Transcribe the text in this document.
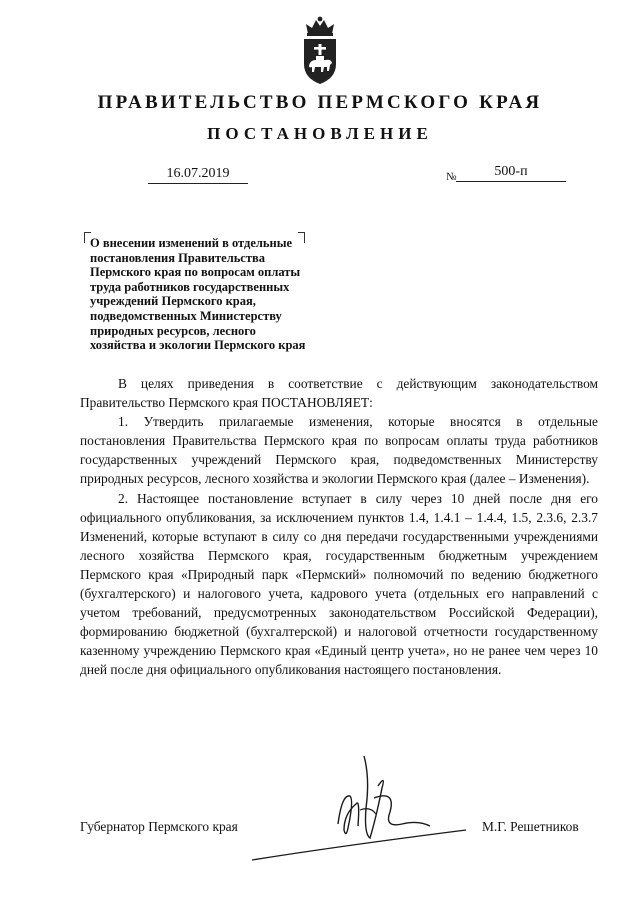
ПРАВИТЕЛЬСТВО ПЕРМСКОГО КРАЯ
ПОСТАНОВЛЕНИЕ
16.07.2019	№	500-п
О внесении изменений в отдельные
постановления Правительства
Пермского края по вопросам оплаты
труда работников государственных
учреждений Пермского края,
подведомственных Министерству
природных ресурсов, лесного
хозяйства и экологии Пермского края

В целях приведения в соответствие с действующим законодательством Правительство Пермского края ПОСТАНОВЛЯЕТ:

1. Утвердить прилагаемые изменения, которые вносятся в отдельные постановления Правительства Пермского края по вопросам оплаты труда работников государственных учреждений Пермского края, подведомственных Министерству природных ресурсов, лесного хозяйства и экологии Пермского края (далее – Изменения).

2. Настоящее постановление вступает в силу через 10 дней после дня его официального опубликования, за исключением пунктов 1.4, 1.4.1 – 1.4.4, 1.5, 2.3.6, 2.3.7 Изменений, которые вступают в силу со дня передачи государственными учреждениями лесного хозяйства Пермского края, государственным бюджетным учреждением Пермского края «Природный парк «Пермский» полномочий по ведению бюджетного (бухгалтерского) и налогового учета, кадрового учета (отдельных его направлений с учетом требований, предусмотренных законодательством Российской Федерации), формированию бюджетной (бухгалтерской) и налоговой отчетности государственному казенному учреждению Пермского края «Единый центр учета», но не ранее чем через 10 дней после дня официального опубликования настоящего постановления.

Губернатор Пермского края	М.Г. Решетников
